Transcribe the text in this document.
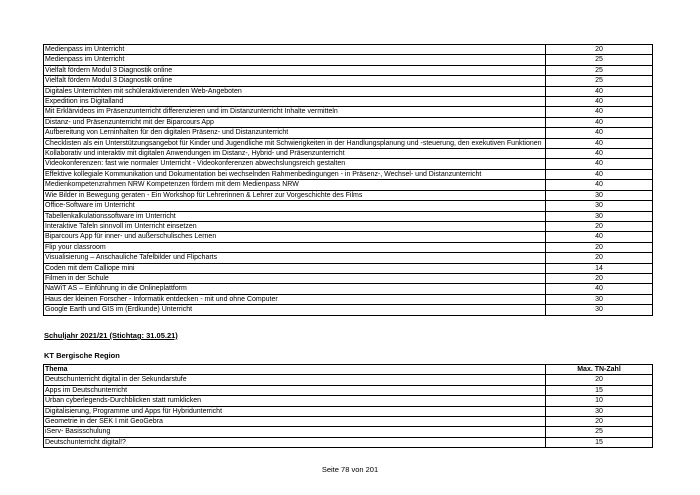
Medienpass im Unterricht	20
Medienpass im Unterricht	25
Vielfalt fördern Modul 3 Diagnostik online	25
Vielfalt fördern Modul 3 Diagnostik online	25
Digitales Unterrichten mit schüleraktivierenden Web-Angeboten	40
Expedition ins Digitalland	40
Mit Erklärvideos im Präsenzunterricht differenzieren und im Distanzunterricht Inhalte vermitteln	40
Distanz- und Präsenzunterricht mit der Biparcours App	40
Aufbereitung von Lerninhalten für den digitalen Präsenz- und Distanzunterricht	40
Checklisten als ein Unterstützungsangebot für Kinder und Jugendliche mit Schwierigkeiten in der Handlungsplanung und -steuerung, den exekutiven Funktionen	40
Kollaborativ und interaktiv mit digitalen Anwendungen im Distanz-, Hybrid- und Präsenzunterricht	40
Videokonferenzen: fast wie normaler Unterricht - Videokonferenzen abwechslungsreich gestalten	40
Effektive kollegiale Kommunikation und Dokumentation bei wechselnden Rahmenbedingungen - in Präsenz-, Wechsel- und Distanzunterricht	40
Medienkompetenzrahmen NRW Kompetenzen fördern mit dem Medienpass NRW	40
Wie Bilder in Bewegung geraten - Ein Workshop für Lehrerinnen & Lehrer zur Vorgeschichte des Films	30
Office-Software im Unterricht	30
Tabellenkalkulationssoftware im Unterricht	30
Interaktive Tafeln sinnvoll im Unterricht einsetzen	20
Biparcours App für inner- und außerschulisches Lernen	40
Flip your classroom	20
Visualisierung – Anschauliche Tafelbilder und Flipcharts	20
Coden mit dem Calliope mini	14
Filmen in der Schule	20
NaWiT AS – Einführung in die Onlineplattform	40
Haus der kleinen Forscher - Informatik entdecken - mit und ohne Computer	30
Google Earth und GIS im (Erdkunde) Unterricht	30
Schuljahr 2021/21 (Stichtag: 31.05.21)
KT Bergische Region
Thema	Max. TN-Zahl
Deutschunterricht digital in der Sekundarstufe	20
Apps im Deutschunterricht	15
Urban cyberlegends-Durchblicken statt rumklicken	10
Digitalisierung, Programme und Apps für Hybridunterricht	30
Geometrie in der SEK I mit GeoGebra	20
iServ- Basisschulung	25
Deutschunterricht digital!?	15
Seite 78 von 201
